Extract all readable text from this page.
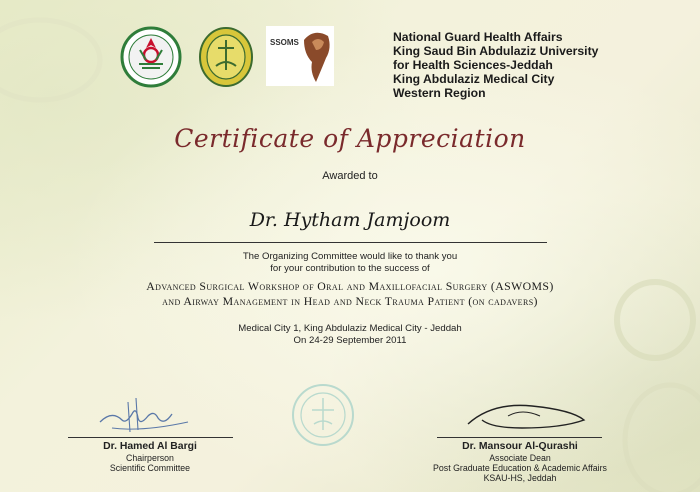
SSOMS	National Guard Health Affairs
King Saud Bin Abdulaziz University
for Health Sciences-Jeddah
King Abdulaziz Medical City
Western Region
Certificate of Appreciation
Awarded to
Dr. Hytham Jamjoom
The Organizing Committee would like to thank you
for your contribution to the success of
Advanced Surgical Workshop of Oral and Maxillofacial Surgery (ASWOMS)
and Airway Management in Head and Neck Trauma Patient (on cadavers)
Medical City 1, King Abdulaziz Medical City - Jeddah
On 24-29 September 2011
Dr. Hamed Al Bargi
Chairperson
Scientific Committee
Dr. Mansour Al-Qurashi
Associate Dean
Post Graduate Education & Academic Affairs
KSAU-HS, Jeddah
